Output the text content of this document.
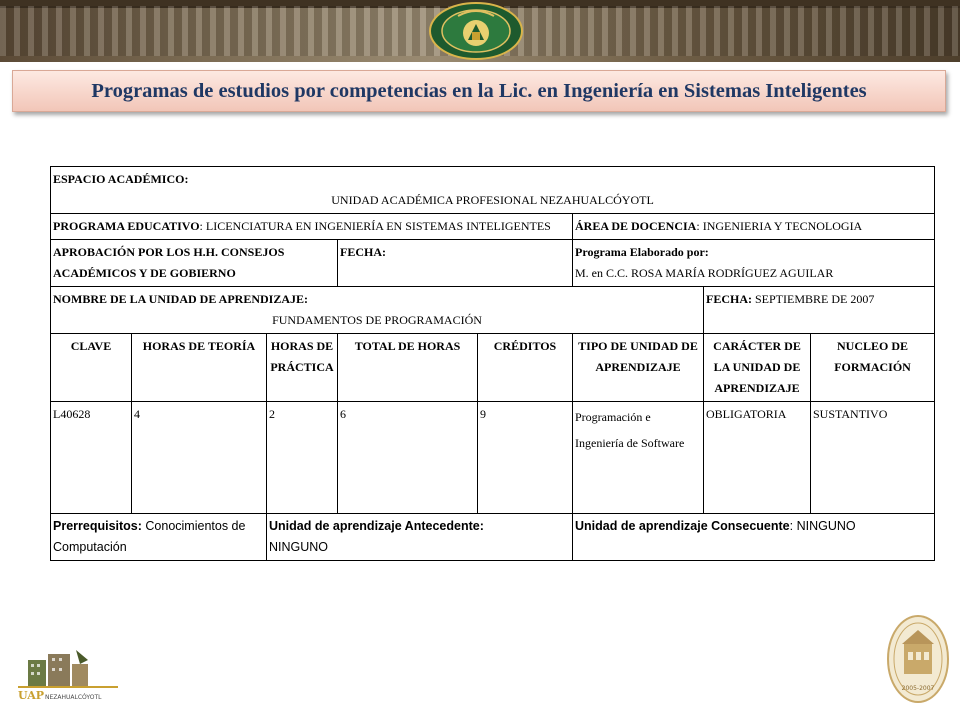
Programas de estudios por competencias en la Lic. en Ingeniería en Sistemas Inteligentes
ESPACIO ACADÉMICO:
UNIDAD ACADÉMICA PROFESIONAL NEZAHUALCÓYOTL							

PROGRAMA EDUCATIVO: LICENCIATURA EN INGENIERÍA EN SISTEMAS INTELIGENTES					ÁREA DE DOCENCIA: INGENIERIA Y TECNOLOGIA		
APROBACIÓN POR LOS H.H. CONSEJOS ACADÉMICOS Y DE GOBIERNO			FECHA:		Programa Elaborado por:
M. en C.C. ROSA MARÍA RODRÍGUEZ AGUILAR		

NOMBRE DE LA UNIDAD DE APRENDIZAJE:
FUNDAMENTOS DE PROGRAMACIÓN						FECHA: SEPTIEMBRE DE 2007	
CLAVE	HORAS DE TEORÍA	HORAS DE PRÁCTICA	TOTAL DE HORAS	CRÉDITOS	TIPO DE UNIDAD DE APRENDIZAJE	CARÁCTER DE LA UNIDAD DE APRENDIZAJE	NUCLEO DE FORMACIÓN
L40628	4	2	6	9	Programación e Ingeniería de Software	OBLIGATORIA	SUSTANTIVO
Prerrequisitos: Conocimientos de Computación		Unidad de aprendizaje Antecedente:
NINGUNO			Unidad de aprendizaje Consecuente: NINGUNO		
UAP NEZAHUALCÓYOTL
2005-2007
